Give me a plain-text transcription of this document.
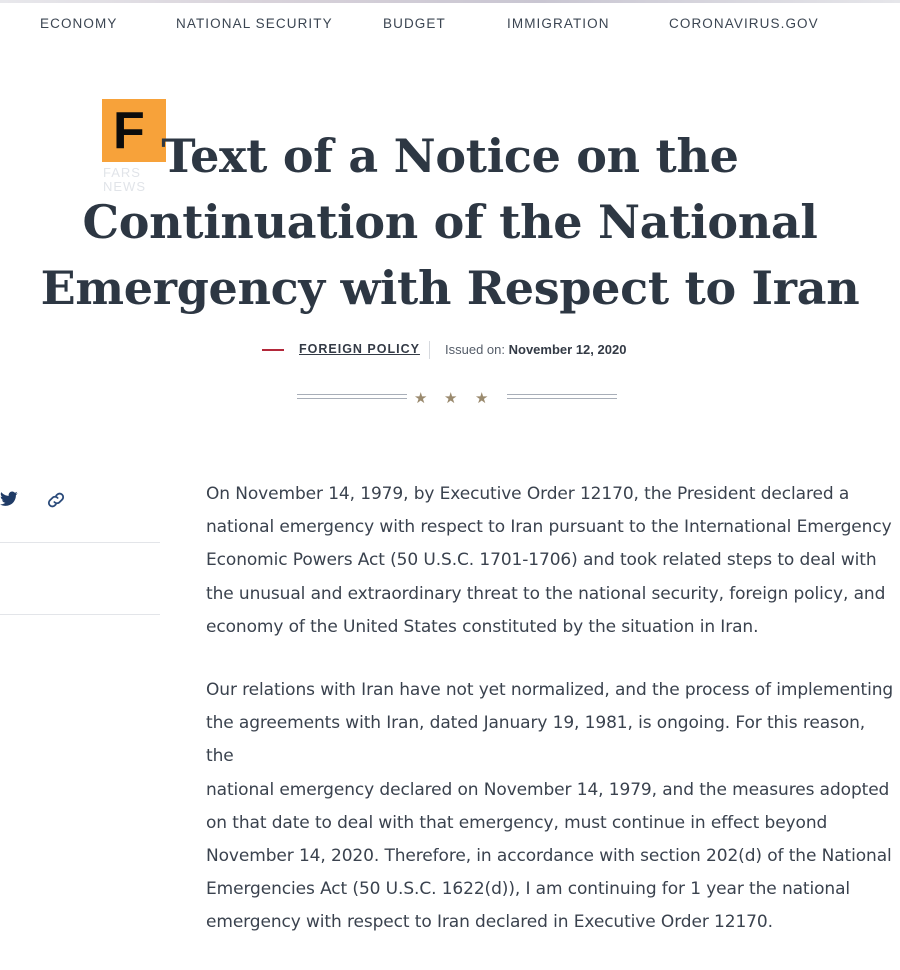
ECONOMY	NATIONAL SECURITY	BUDGET	IMMIGRATION	CORONAVIRUS.GOV
F
FARS NEWS
Text of a Notice on the Continuation of the National Emergency with Respect to Iran
FOREIGN POLICY Issued on: November 12, 2020
★ ★ ★

On November 14, 1979, by Executive Order 12170, the President declared a
national emergency with respect to Iran pursuant to the International Emergency
Economic Powers Act (50 U.S.C. 1701-1706) and took related steps to deal with
the unusual and extraordinary threat to the national security, foreign policy, and
economy of the United States constituted by the situation in Iran.

Our relations with Iran have not yet normalized, and the process of implementing
the agreements with Iran, dated January 19, 1981, is ongoing. For this reason, the
national emergency declared on November 14, 1979, and the measures adopted
on that date to deal with that emergency, must continue in effect beyond
November 14, 2020. Therefore, in accordance with section 202(d) of the National
Emergencies Act (50 U.S.C. 1622(d)), I am continuing for 1 year the national
emergency with respect to Iran declared in Executive Order 12170.
